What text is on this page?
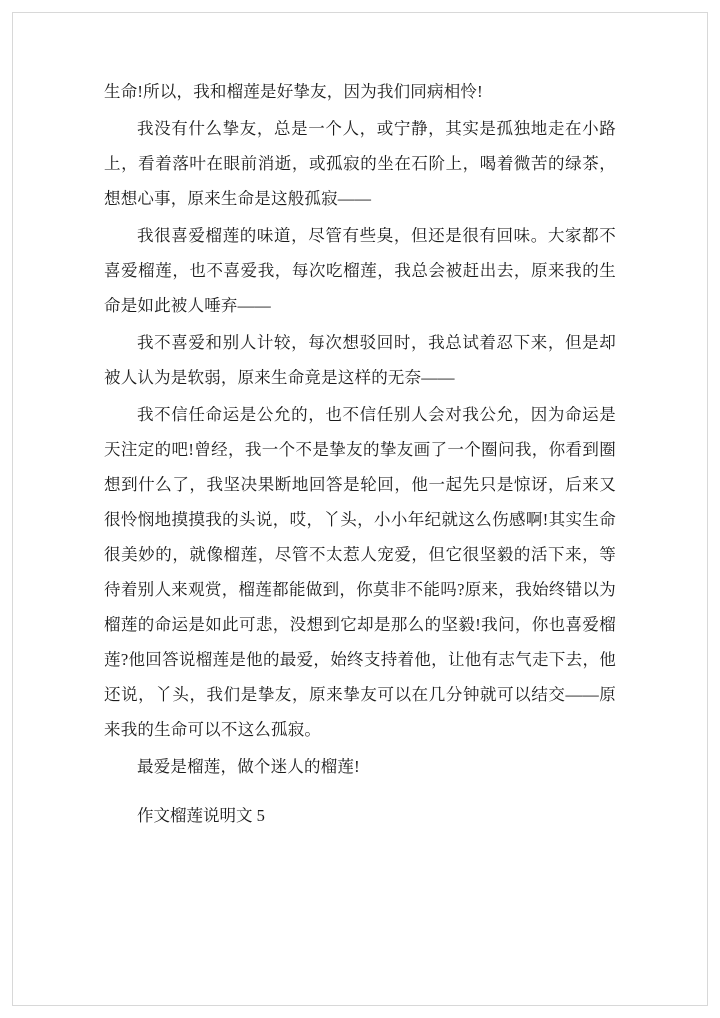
生命!所以，我和榴莲是好挚友，因为我们同病相怜!

我没有什么挚友，总是一个人，或宁静，其实是孤独地走在小路上，看着落叶在眼前消逝，或孤寂的坐在石阶上，喝着微苦的绿茶，想想心事，原来生命是这般孤寂——

我很喜爱榴莲的味道，尽管有些臭，但还是很有回味。大家都不喜爱榴莲，也不喜爱我，每次吃榴莲，我总会被赶出去，原来我的生命是如此被人唾弃——

我不喜爱和别人计较，每次想驳回时，我总试着忍下来，但是却被人认为是软弱，原来生命竟是这样的无奈——

我不信任命运是公允的，也不信任别人会对我公允，因为命运是天注定的吧!曾经，我一个不是挚友的挚友画了一个圈问我，你看到圈想到什么了，我坚决果断地回答是轮回，他一起先只是惊讶，后来又很怜悯地摸摸我的头说，哎，丫头，小小年纪就这么伤感啊!其实生命很美妙的，就像榴莲，尽管不太惹人宠爱，但它很坚毅的活下来，等待着别人来观赏，榴莲都能做到，你莫非不能吗?原来，我始终错以为榴莲的命运是如此可悲，没想到它却是那么的坚毅!我问，你也喜爱榴莲?他回答说榴莲是他的最爱，始终支持着他，让他有志气走下去，他还说，丫头，我们是挚友，原来挚友可以在几分钟就可以结交——原来我的生命可以不这么孤寂。

最爱是榴莲，做个迷人的榴莲!

作文榴莲说明文 5
